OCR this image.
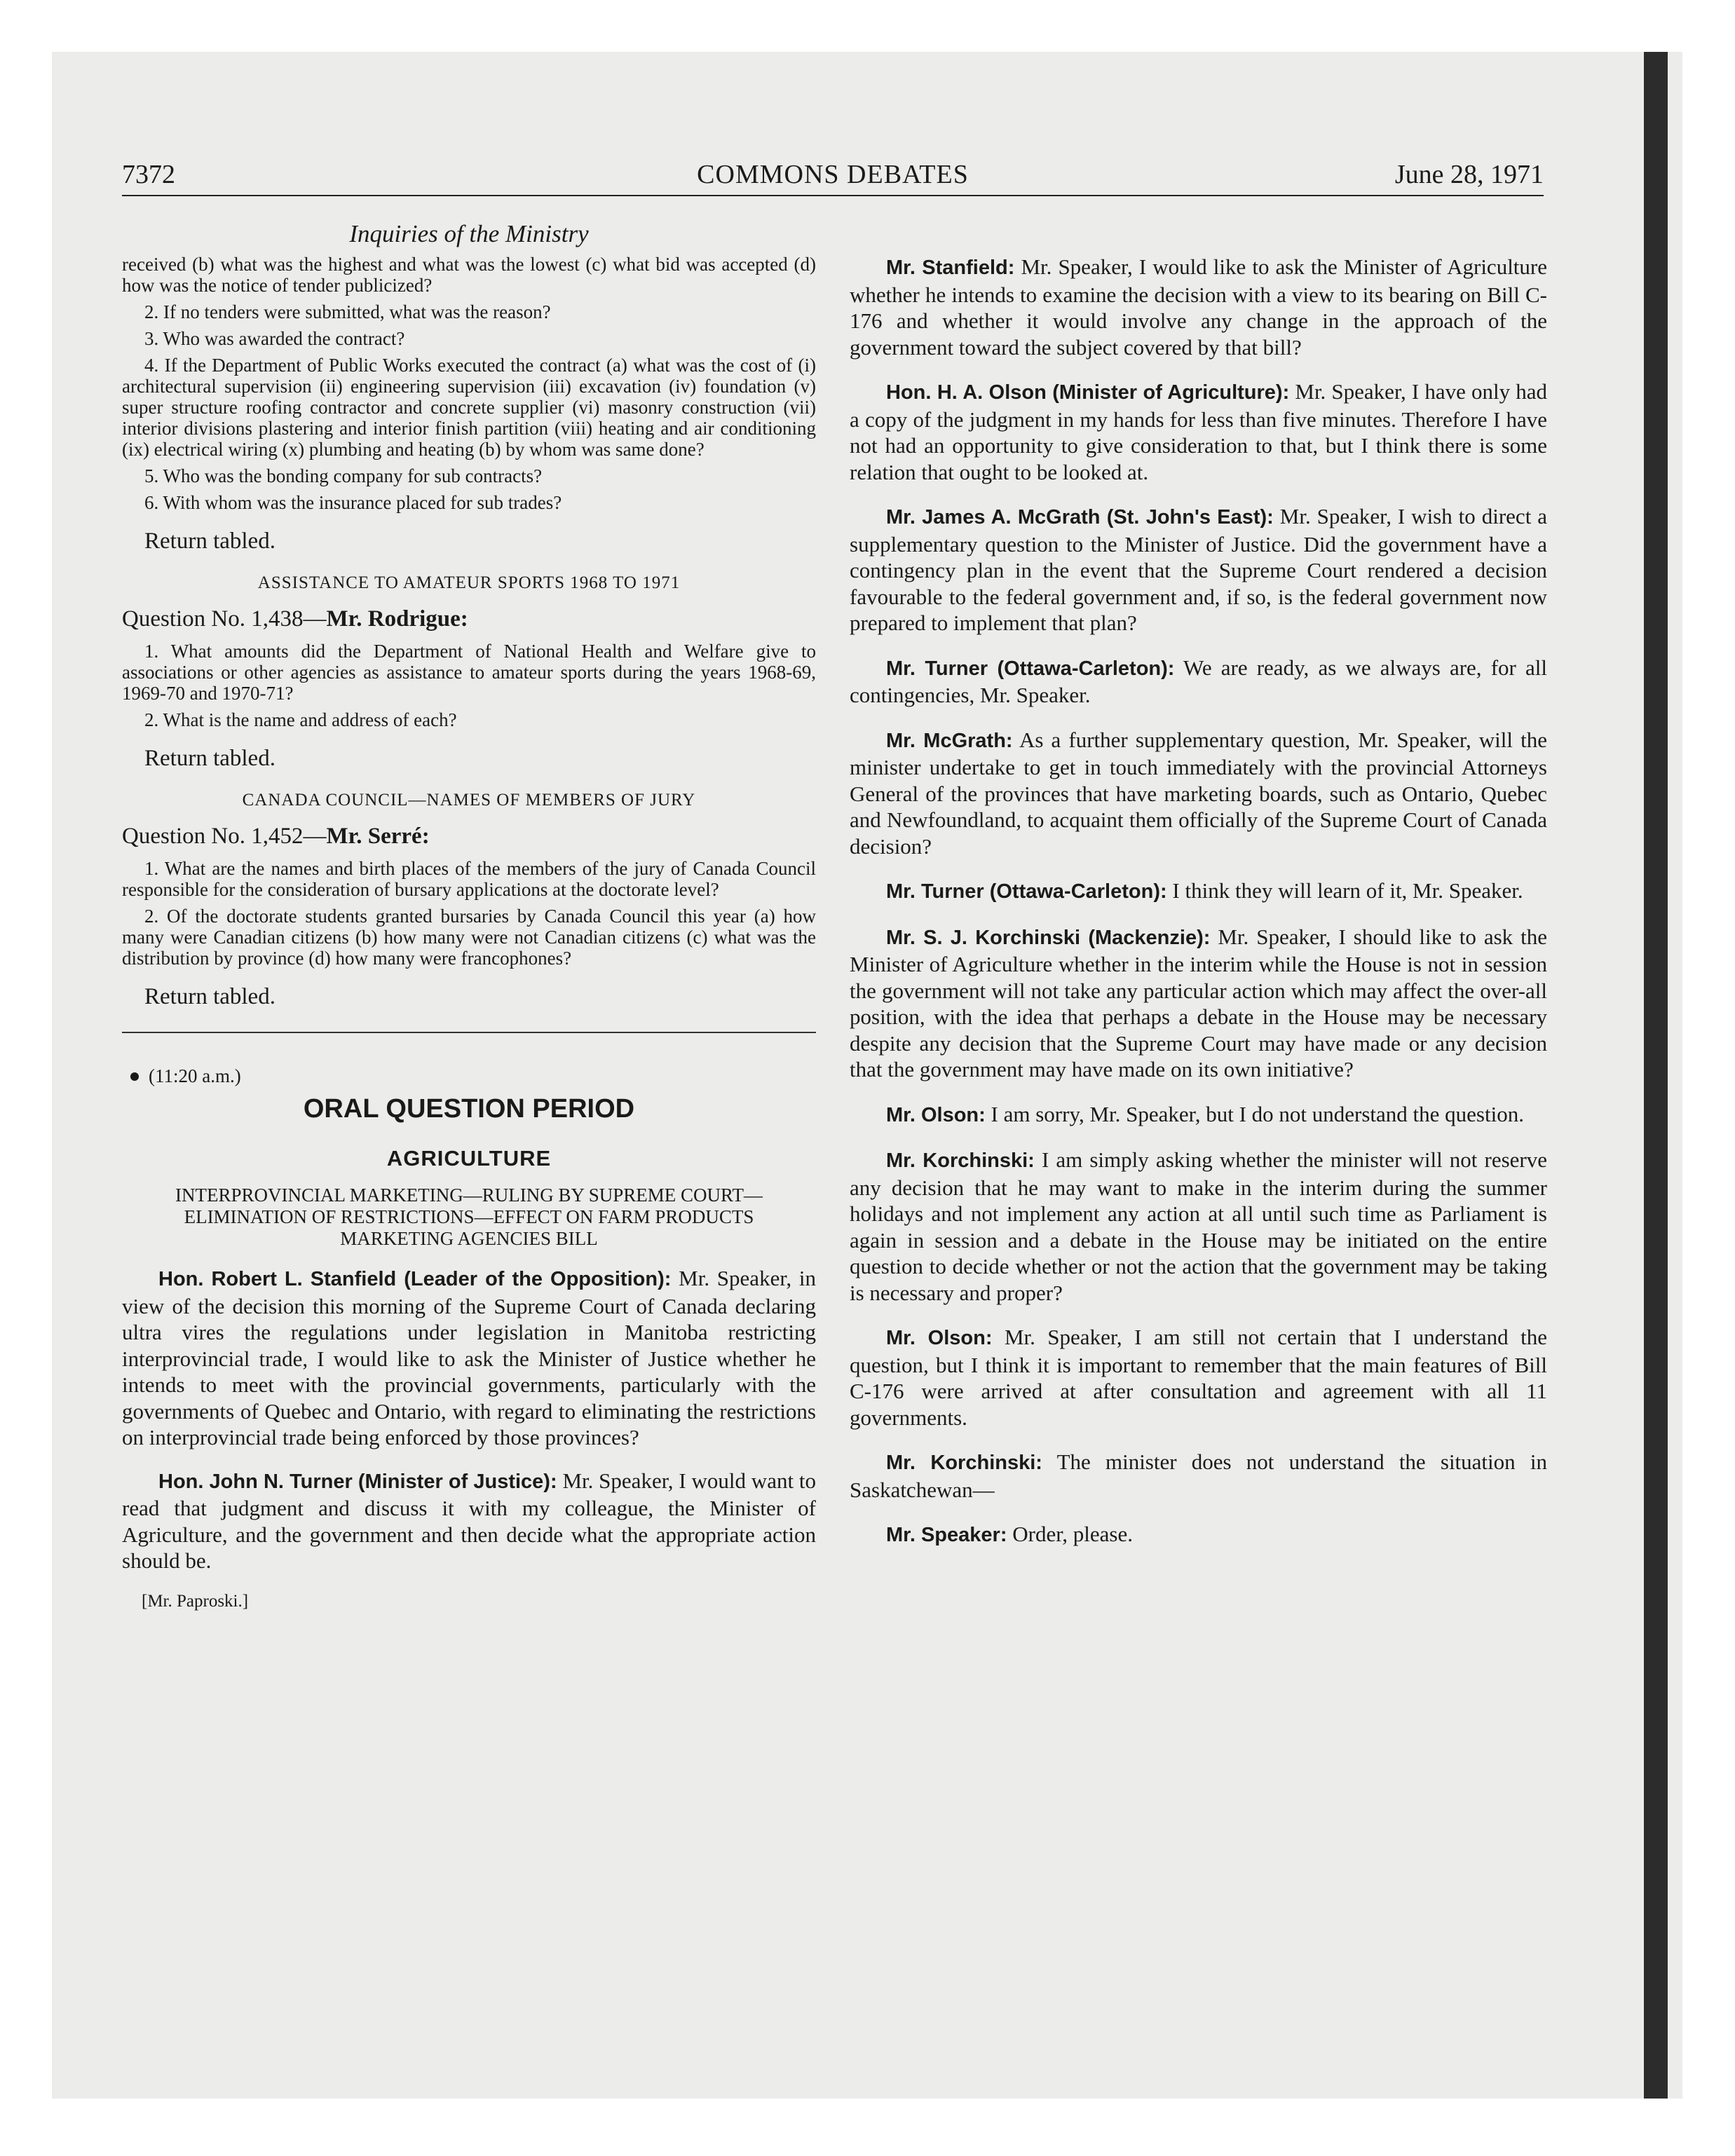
7372	COMMONS DEBATES	June 28, 1971

Inquiries of the Ministry

received (b) what was the highest and what was the lowest (c) what bid was accepted (d) how was the notice of tender publicized?

2. If no tenders were submitted, what was the reason?

3. Who was awarded the contract?

4. If the Department of Public Works executed the contract (a) what was the cost of (i) architectural supervision (ii) engineering supervision (iii) excavation (iv) foundation (v) super structure roofing contractor and concrete supplier (vi) masonry construction (vii) interior divisions plastering and interior finish partition (viii) heating and air conditioning (ix) electrical wiring (x) plumbing and heating (b) by whom was same done?

5. Who was the bonding company for sub contracts?

6. With whom was the insurance placed for sub trades?

Return tabled.

ASSISTANCE TO AMATEUR SPORTS 1968 TO 1971

Question No. 1,438—Mr. Rodrigue:

1. What amounts did the Department of National Health and Welfare give to associations or other agencies as assistance to amateur sports during the years 1968-69, 1969-70 and 1970-71?

2. What is the name and address of each?

Return tabled.

CANADA COUNCIL—NAMES OF MEMBERS OF JURY

Question No. 1,452—Mr. Serré:

1. What are the names and birth places of the members of the jury of Canada Council responsible for the consideration of bursary applications at the doctorate level?

2. Of the doctorate students granted bursaries by Canada Council this year (a) how many were Canadian citizens (b) how many were not Canadian citizens (c) what was the distribution by province (d) how many were francophones?

Return tabled.

(11:20 a.m.)

ORAL QUESTION PERIOD

AGRICULTURE

INTERPROVINCIAL MARKETING—RULING BY SUPREME COURT—ELIMINATION OF RESTRICTIONS—EFFECT ON FARM PRODUCTS MARKETING AGENCIES BILL

Hon. Robert L. Stanfield (Leader of the Opposition): Mr. Speaker, in view of the decision this morning of the Supreme Court of Canada declaring ultra vires the regulations under legislation in Manitoba restricting interprovincial trade, I would like to ask the Minister of Justice whether he intends to meet with the provincial governments, particularly with the governments of Quebec and Ontario, with regard to eliminating the restrictions on interprovincial trade being enforced by those provinces?

Hon. John N. Turner (Minister of Justice): Mr. Speaker, I would want to read that judgment and discuss it with my colleague, the Minister of Agriculture, and the government and then decide what the appropriate action should be.

[Mr. Paproski.]

Mr. Stanfield: Mr. Speaker, I would like to ask the Minister of Agriculture whether he intends to examine the decision with a view to its bearing on Bill C-176 and whether it would involve any change in the approach of the government toward the subject covered by that bill?

Hon. H. A. Olson (Minister of Agriculture): Mr. Speaker, I have only had a copy of the judgment in my hands for less than five minutes. Therefore I have not had an opportunity to give consideration to that, but I think there is some relation that ought to be looked at.

Mr. James A. McGrath (St. John's East): Mr. Speaker, I wish to direct a supplementary question to the Minister of Justice. Did the government have a contingency plan in the event that the Supreme Court rendered a decision favourable to the federal government and, if so, is the federal government now prepared to implement that plan?

Mr. Turner (Ottawa-Carleton): We are ready, as we always are, for all contingencies, Mr. Speaker.

Mr. McGrath: As a further supplementary question, Mr. Speaker, will the minister undertake to get in touch immediately with the provincial Attorneys General of the provinces that have marketing boards, such as Ontario, Quebec and Newfoundland, to acquaint them officially of the Supreme Court of Canada decision?

Mr. Turner (Ottawa-Carleton): I think they will learn of it, Mr. Speaker.

Mr. S. J. Korchinski (Mackenzie): Mr. Speaker, I should like to ask the Minister of Agriculture whether in the interim while the House is not in session the government will not take any particular action which may affect the over-all position, with the idea that perhaps a debate in the House may be necessary despite any decision that the Supreme Court may have made or any decision that the government may have made on its own initiative?

Mr. Olson: I am sorry, Mr. Speaker, but I do not understand the question.

Mr. Korchinski: I am simply asking whether the minister will not reserve any decision that he may want to make in the interim during the summer holidays and not implement any action at all until such time as Parliament is again in session and a debate in the House may be initiated on the entire question to decide whether or not the action that the government may be taking is necessary and proper?

Mr. Olson: Mr. Speaker, I am still not certain that I understand the question, but I think it is important to remember that the main features of Bill C-176 were arrived at after consultation and agreement with all 11 governments.

Mr. Korchinski: The minister does not understand the situation in Saskatchewan—

Mr. Speaker: Order, please.
